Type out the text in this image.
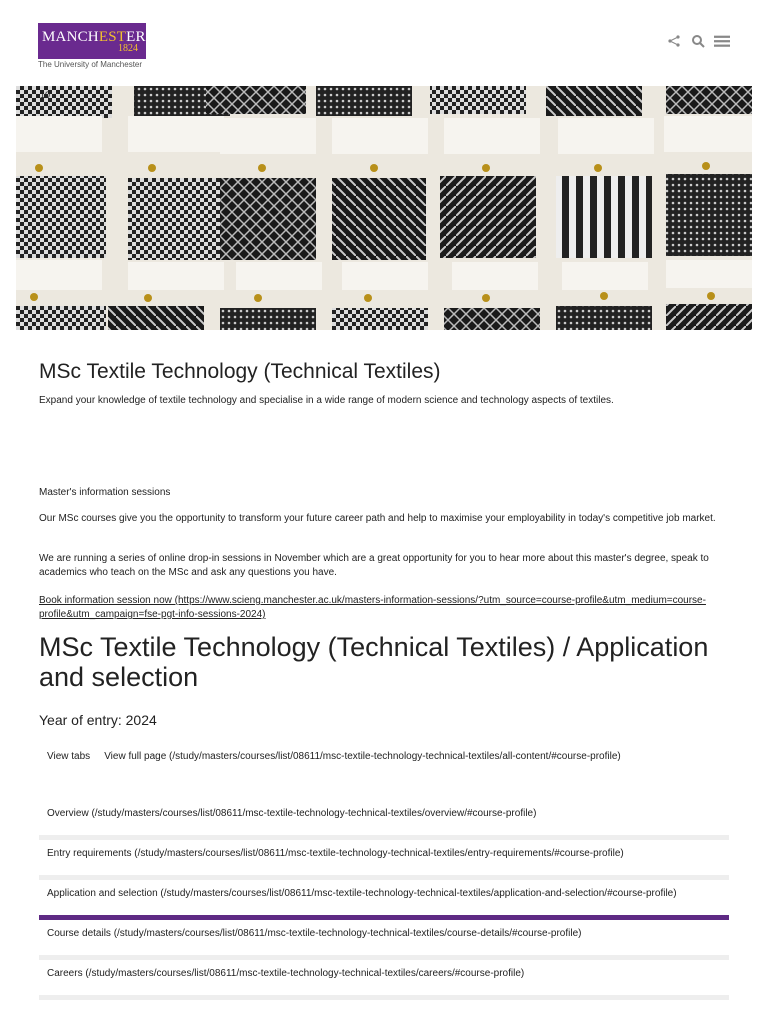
MANCHESTER
1824
The University of Manchester
10
MSc Textile Technology (Technical Textiles)
Expand your knowledge of textile technology and specialise in a wide range of modern science and technology aspects of textiles.
Master's information sessions
Our MSc courses give you the opportunity to transform your future career path and help to maximise your employability in today's competitive job market.
We are running a series of online drop-in sessions in November which are a great opportunity for you to hear more about this master's degree, speak to academics who teach on the MSc and ask any questions you have.
Book information session now (https://www.scieng.manchester.ac.uk/masters-information-sessions/?utm_source=course-profile&utm_medium=course-profile&utm_campaign=fse-pgt-info-sessions-2024)
MSc Textile Technology (Technical Textiles) / Application and selection
Year of entry: 2024
View tabs View full page (/study/masters/courses/list/08611/msc-textile-technology-technical-textiles/all-content/#course-profile)
Overview (/study/masters/courses/list/08611/msc-textile-technology-technical-textiles/overview/#course-profile)
Entry requirements (/study/masters/courses/list/08611/msc-textile-technology-technical-textiles/entry-requirements/#course-profile)
Application and selection (/study/masters/courses/list/08611/msc-textile-technology-technical-textiles/application-and-selection/#course-profile)
Course details (/study/masters/courses/list/08611/msc-textile-technology-technical-textiles/course-details/#course-profile)
Careers (/study/masters/courses/list/08611/msc-textile-technology-technical-textiles/careers/#course-profile)
